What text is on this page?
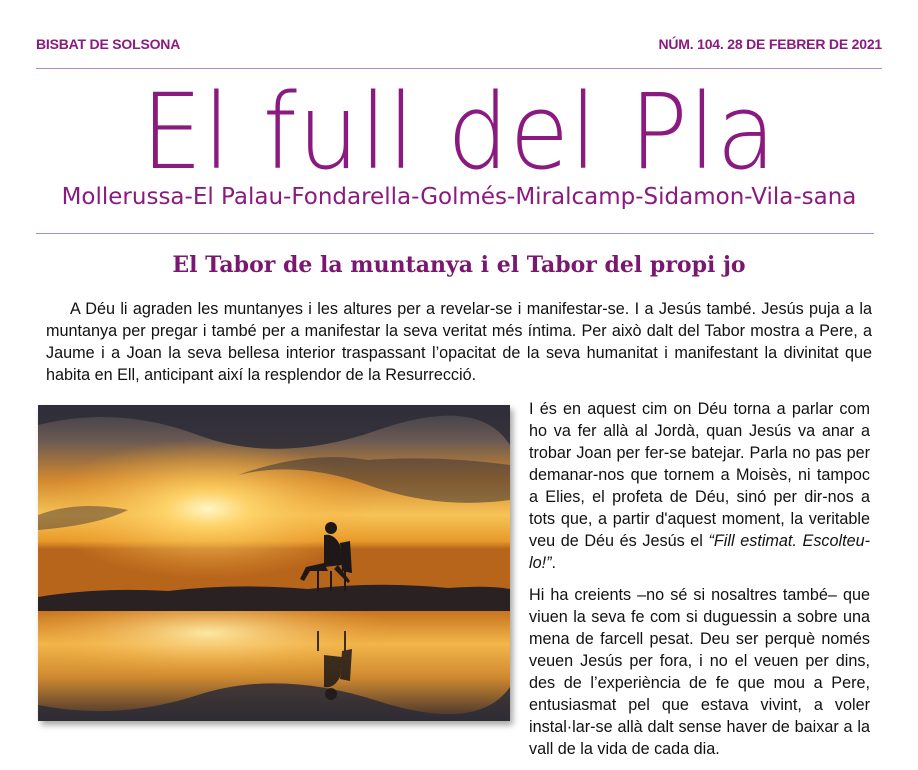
BISBAT DE SOLSONA	NÚM. 104. 28 DE FEBRER DE 2021
El full del Pla
Mollerussa-El Palau-Fondarella-Golmés-Miralcamp-Sidamon-Vila-sana
El Tabor de la muntanya i el Tabor del propi jo

A Déu li agraden les muntanyes i les altures per a revelar-se i manifestar-se. I a Jesús també. Jesús puja a la muntanya per pregar i també per a manifestar la seva veritat més íntima. Per això dalt del Tabor mostra a Pere, a Jaume i a Joan la seva bellesa interior traspassant l’opacitat de la seva humanitat i manifestant la divinitat que habita en Ell, anticipant així la resplendor de la Resurrecció.

I és en aquest cim on Déu torna a parlar com ho va fer allà al Jordà, quan Jesús va anar a trobar Joan per fer-se batejar. Parla no pas per demanar-nos que tornem a Moisès, ni tampoc a Elies, el profeta de Déu, sinó per dir-nos a tots que, a partir d'aquest moment, la veritable veu de Déu és Jesús el “Fill estimat. Escolteu-lo!”.

Hi ha creients –no sé si nosaltres també– que viuen la seva fe com si duguessin a sobre una mena de farcell pesat. Deu ser perquè només veuen Jesús per fora, i no el veuen per dins, des de l’experiència de fe que mou a Pere, entusiasmat pel que estava vivint, a voler instal·lar-se allà dalt sense haver de baixar a la vall de la vida de cada dia.
